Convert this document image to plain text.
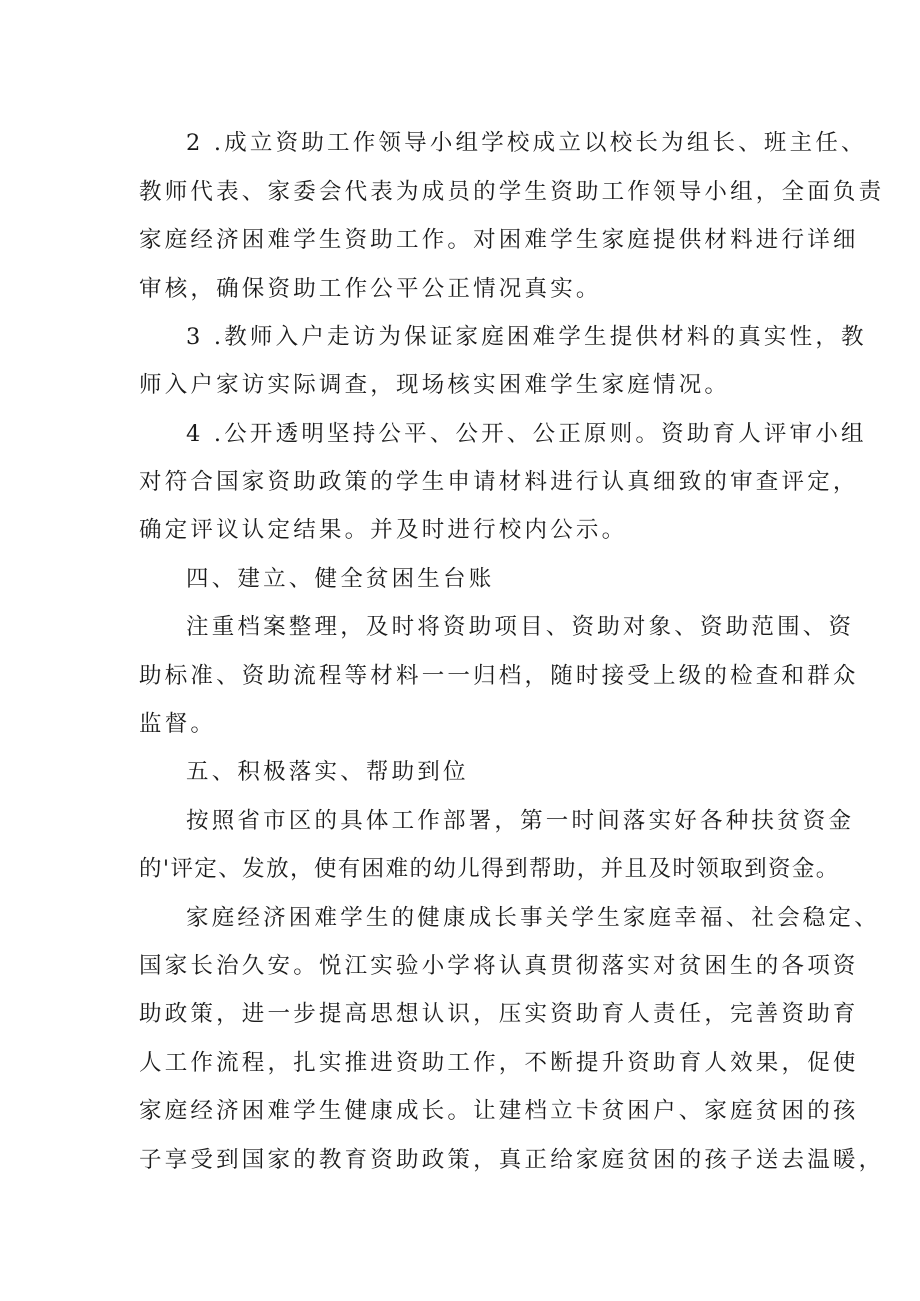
2 .成立资助工作领导小组学校成立以校长为组长、班主任、
教师代表、家委会代表为成员的学生资助工作领导小组，全面负责
家庭经济困难学生资助工作。对困难学生家庭提供材料进行详细
审核，确保资助工作公平公正情况真实。
3 .教师入户走访为保证家庭困难学生提供材料的真实性，教
师入户家访实际调查，现场核实困难学生家庭情况。
4 .公开透明坚持公平、公开、公正原则。资助育人评审小组
对符合国家资助政策的学生申请材料进行认真细致的审查评定，
确定评议认定结果。并及时进行校内公示。
四、建立、健全贫困生台账
注重档案整理，及时将资助项目、资助对象、资助范围、资
助标准、资助流程等材料一一归档，随时接受上级的检查和群众
监督。
五、积极落实、帮助到位
按照省市区的具体工作部署，第一时间落实好各种扶贫资金
的'评定、发放，使有困难的幼儿得到帮助，并且及时领取到资金。
家庭经济困难学生的健康成长事关学生家庭幸福、社会稳定、
国家长治久安。悦江实验小学将认真贯彻落实对贫困生的各项资
助政策，进一步提高思想认识，压实资助育人责任，完善资助育
人工作流程，扎实推进资助工作，不断提升资助育人效果，促使
家庭经济困难学生健康成长。让建档立卡贫困户、家庭贫困的孩
子享受到国家的教育资助政策，真正给家庭贫困的孩子送去温暖，
